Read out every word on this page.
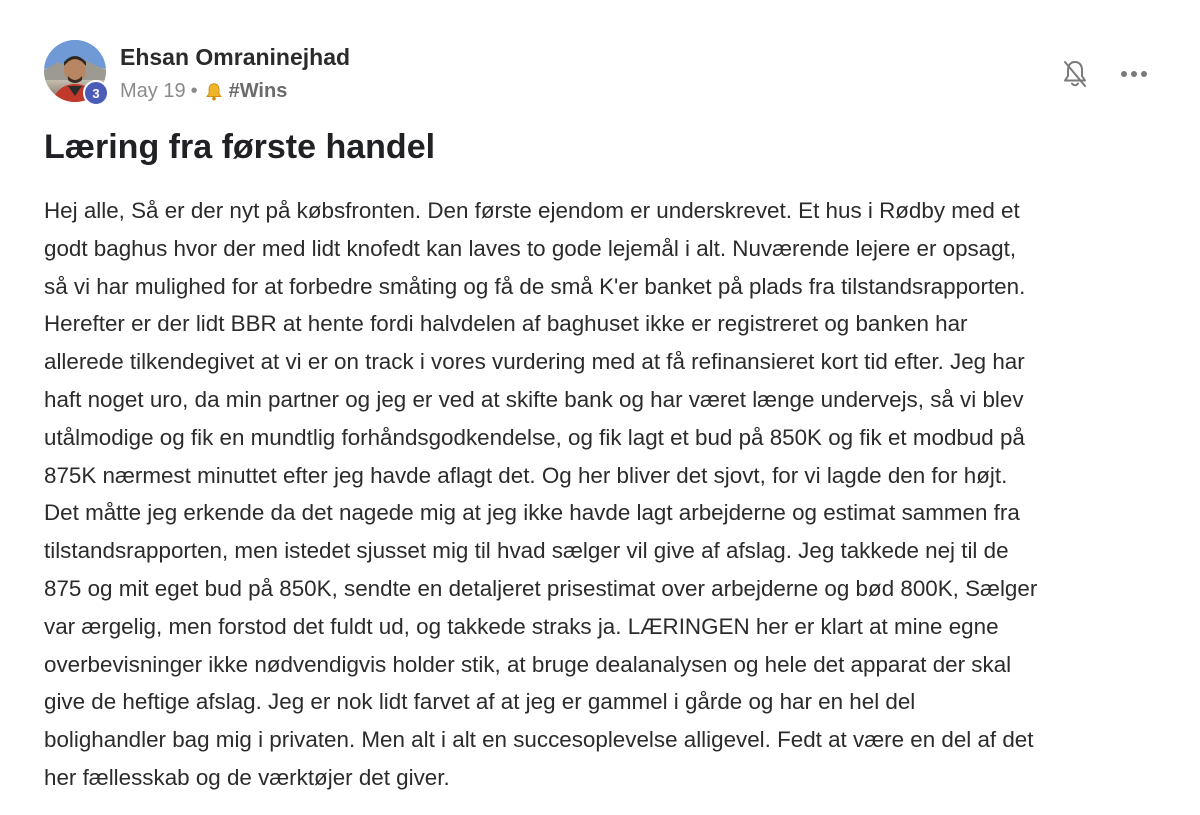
3
Ehsan Omraninejhad
May 19 • #Wins
Læring fra første handel
Hej alle, Så er der nyt på købsfronten. Den første ejendom er underskrevet. Et hus i Rødby med et
godt baghus hvor der med lidt knofedt kan laves to gode lejemål i alt. Nuværende lejere er opsagt,
så vi har mulighed for at forbedre småting og få de små K'er banket på plads fra tilstandsrapporten.
Herefter er der lidt BBR at hente fordi halvdelen af baghuset ikke er registreret og banken har
allerede tilkendegivet at vi er on track i vores vurdering med at få refinansieret kort tid efter. Jeg har
haft noget uro, da min partner og jeg er ved at skifte bank og har været længe undervejs, så vi blev
utålmodige og fik en mundtlig forhåndsgodkendelse, og fik lagt et bud på 850K og fik et modbud på
875K nærmest minuttet efter jeg havde aflagt det. Og her bliver det sjovt, for vi lagde den for højt.
Det måtte jeg erkende da det nagede mig at jeg ikke havde lagt arbejderne og estimat sammen fra
tilstandsrapporten, men istedet sjusset mig til hvad sælger vil give af afslag. Jeg takkede nej til de
875 og mit eget bud på 850K, sendte en detaljeret prisestimat over arbejderne og bød 800K, Sælger
var ærgelig, men forstod det fuldt ud, og takkede straks ja. LÆRINGEN her er klart at mine egne
overbevisninger ikke nødvendigvis holder stik, at bruge dealanalysen og hele det apparat der skal
give de heftige afslag. Jeg er nok lidt farvet af at jeg er gammel i gårde og har en hel del
bolighandler bag mig i privaten. Men alt i alt en succesoplevelse alligevel. Fedt at være en del af det
her fællesskab og de værktøjer det giver.
